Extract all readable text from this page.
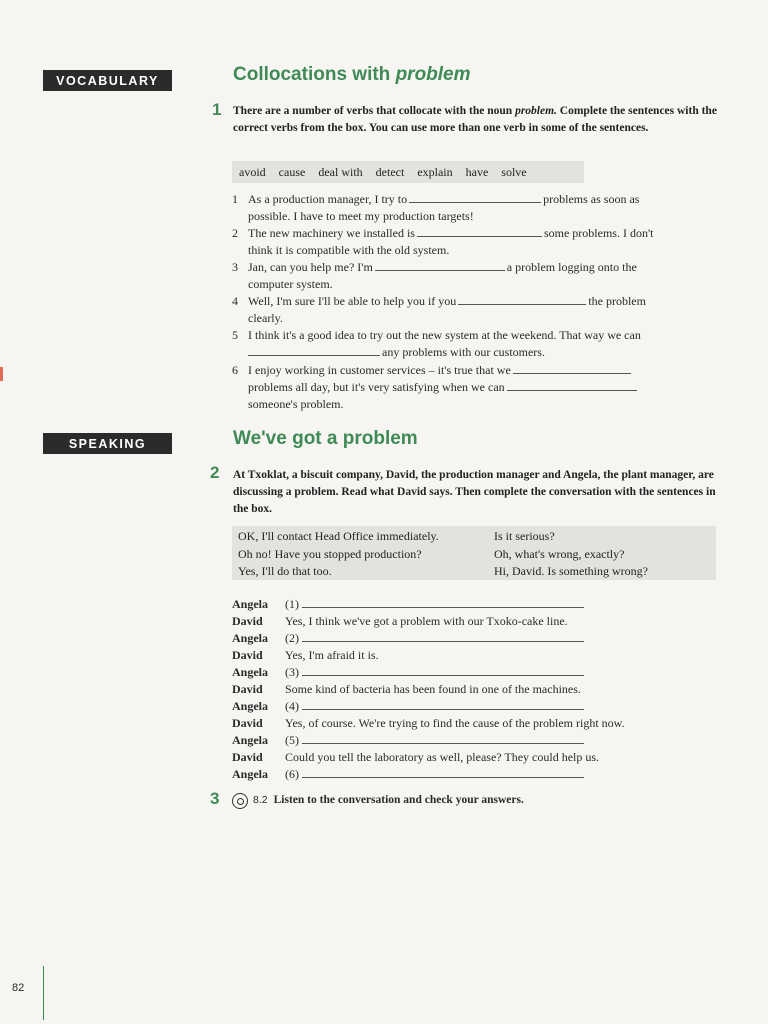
VOCABULARY	Collocations with problem
1 There are a number of verbs that collocate with the noun problem. Complete the sentences with the correct verbs from the box. You can use more than one verb in some of the sentences.
avoid cause deal with detect explain have solve
1 As a production manager, I try to	problems as soon as
possible. I have to meet my production targets!
2 The new machinery we installed is	some problems. I don't
think it is compatible with the old system.
3 Jan, can you help me? I'm	a problem logging onto the
computer system.
4 Well, I'm sure I'll be able to help you if you	the problem
clearly.
5 I think it's a good idea to try out the new system at the weekend. That way we can
any problems with our customers.
6 I enjoy working in customer services – it's true that we
problems all day, but it's very satisfying when we can
someone's problem.
SPEAKING	We've got a problem
2 At Txoklat, a biscuit company, David, the production manager and Angela, the plant manager, are discussing a problem. Read what David says. Then complete the conversation with the sentences in the box.
OK, I'll contact Head Office immediately.
Oh no! Have you stopped production?
Yes, I'll do that too.
Is it serious?
Oh, what's wrong, exactly?
Hi, David. Is something wrong?
Angela (1)
David Yes, I think we've got a problem with our Txoko-cake line.
Angela (2)
David Yes, I'm afraid it is.
Angela (3)
David Some kind of bacteria has been found in one of the machines.
Angela (4)
David Yes, of course. We're trying to find the cause of the problem right now.
Angela (5)
David Could you tell the laboratory as well, please? They could help us.
Angela (6)
3	8.2 Listen to the conversation and check your answers.
82
